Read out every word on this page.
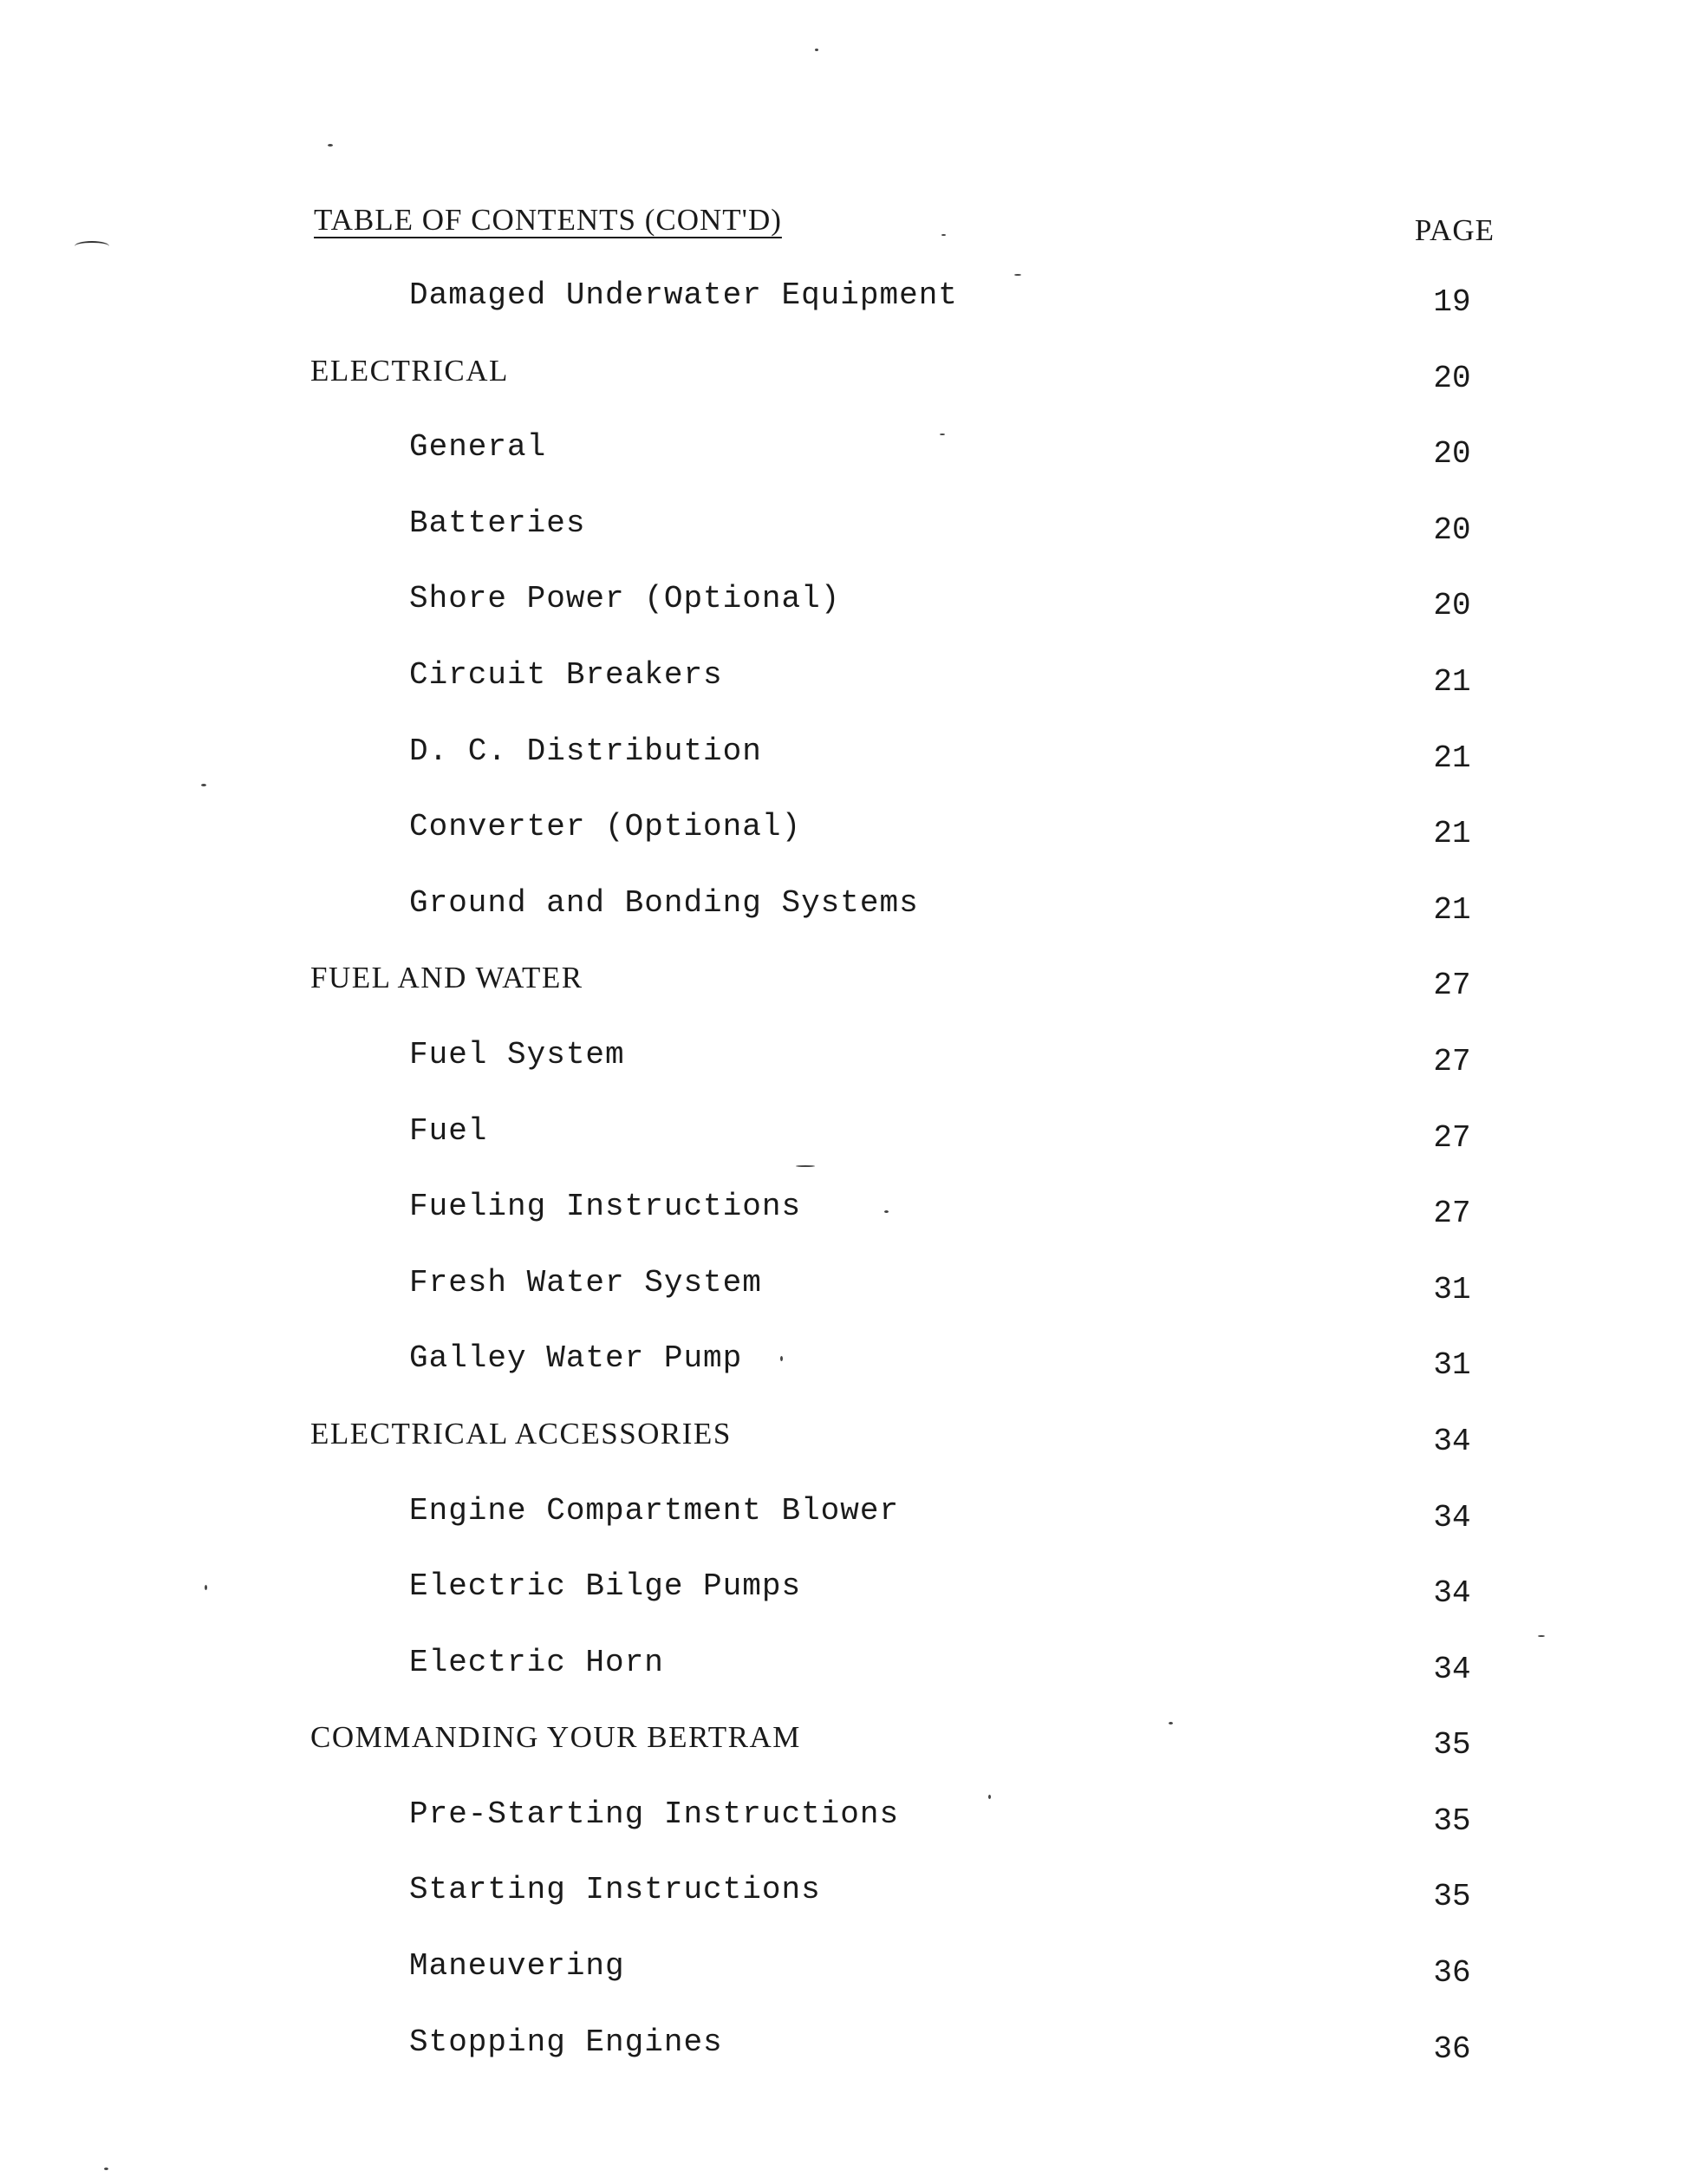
TABLE OF CONTENTS (CONT'D)	PAGE
Damaged Underwater Equipment	19
ELECTRICAL	20
General	20
Batteries	20
Shore Power (Optional)	20
Circuit Breakers	21
D. C. Distribution	21
Converter (Optional)	21
Ground and Bonding Systems	21
FUEL AND WATER	27
Fuel System	27
Fuel	27
Fueling Instructions	27
Fresh Water System	31
Galley Water Pump	31
ELECTRICAL ACCESSORIES	34
Engine Compartment Blower	34
Electric Bilge Pumps	34
Electric Horn	34
COMMANDING YOUR BERTRAM	35
Pre-Starting Instructions	35
Starting Instructions	35
Maneuvering	36
Stopping Engines	36
